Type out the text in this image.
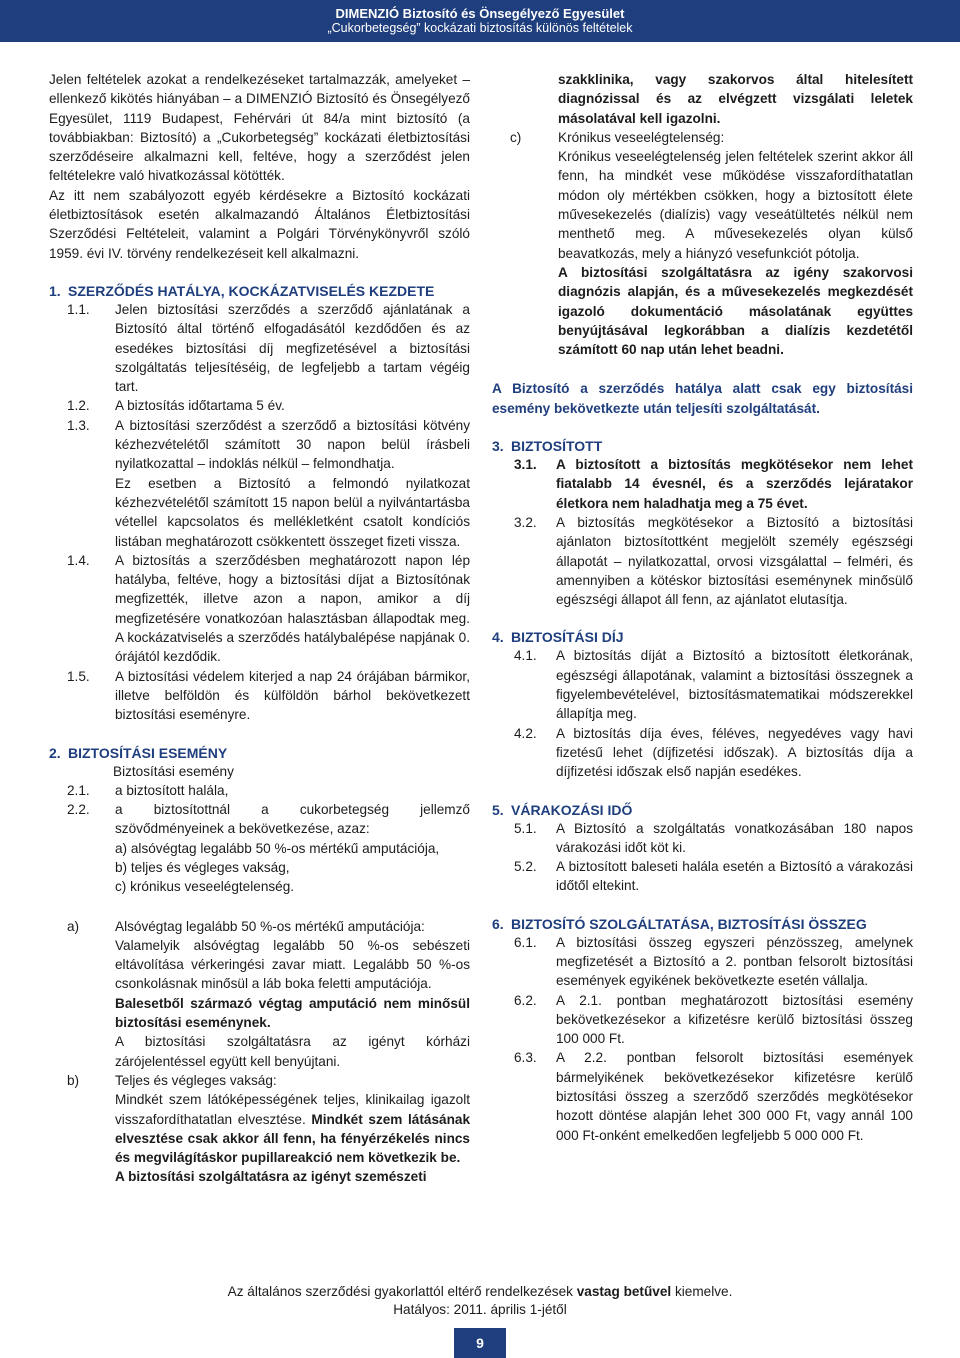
DIMENZIÓ Biztosító és Önsegélyező Egyesület
„Cukorbetegség” kockázati biztosítás különös feltételek

Jelen feltételek azokat a rendelkezéseket tartalmazzák, amelyeket – ellenkező kikötés hiányában – a DIMENZIÓ Biztosító és Önsegélyező Egyesület, 1119 Budapest, Fehérvári út 84/a mint biztosító (a továbbiakban: Biztosító) a „Cukorbetegség” kockázati életbiztosítási szerződéseire alkalmazni kell, feltéve, hogy a szerződést jelen feltételekre való hivatkozással kötötték.

Az itt nem szabályozott egyéb kérdésekre a Biztosító kockázati életbiztosítások esetén alkalmazandó Általános Életbiztosítási Szerződési Feltételeit, valamint a Polgári Törvénykönyvről szóló 1959. évi IV. törvény rendelkezéseit kell alkalmazni.

1. SZERZŐDÉS HATÁLYA, KOCKÁZATVISELÉS KEZDETE

1.1.	Jelen biztosítási szerződés a szerződő ajánlatának a Biztosító által történő elfogadásától kezdődően és az esedékes biztosítási díj megfizetésével a biztosítási szolgáltatás teljesítéséig, de legfeljebb a tartam végéig tart.
1.2.	A biztosítás időtartama 5 év.
1.3.	A biztosítási szerződést a szerződő a biztosítási kötvény kézhezvételétől számított 30 napon belül írásbeli nyilatkozattal – indoklás nélkül – felmondhatja.
Ez esetben a Biztosító a felmondó nyilatkozat kézhezvételétől számított 15 napon belül a nyilvántartásba vétellel kapcsolatos és mellékletként csatolt kondíciós listában meghatározott csökkentett összeget fizeti vissza.
1.4.	A biztosítás a szerződésben meghatározott napon lép hatályba, feltéve, hogy a biztosítási díjat a Biztosítónak megfizették, illetve azon a napon, amikor a díj megfizetésére vonatkozóan halasztásban állapodtak meg. A kockázatviselés a szerződés hatálybalépése napjának 0. órájától kezdődik.
1.5.	A biztosítási védelem kiterjed a nap 24 órájában bármikor, illetve belföldön és külföldön bárhol bekövetkezett biztosítási eseményre.

2. BIZTOSÍTÁSI ESEMÉNY

Biztosítási esemény

2.1.	a biztosított halála,
2.2.	a biztosítottnál a cukorbetegség jellemző szövődményeinek a bekövetkezése, azaz:

a) alsóvégtag legalább 50 %-os mértékű amputációja,

b) teljes és végleges vakság,

c) krónikus veseelégtelenség.

a)	Alsóvégtag legalább 50 %-os mértékű amputációja:
Valamelyik alsóvégtag legalább 50 %-os sebészeti eltávolítása vérkeringési zavar miatt. Legalább 50 %-os csonkolásnak minősül a láb boka feletti amputációja.
Balesetből származó végtag amputáció nem minősül biztosítási eseménynek.
A biztosítási szolgáltatásra az igényt kórházi zárójelentéssel együtt kell benyújtani.
b)	Teljes és végleges vakság:
Mindkét szem látóképességének teljes, klinikailag igazolt visszafordíthatatlan elvesztése. Mindkét szem látásának elvesztése csak akkor áll fenn, ha fényérzékelés nincs és megvilágításkor pupillareakció nem következik be.
A biztosítási szolgáltatásra az igényt szemészeti
szakklinika, vagy szakorvos által hitelesített diagnózissal és az elvégzett vizsgálati leletek másolatával kell igazolni.
c)	Krónikus veseelégtelenség:
Krónikus veseelégtelenség jelen feltételek szerint akkor áll fenn, ha mindkét vese működése visszafordíthatatlan módon oly mértékben csökken, hogy a biztosított élete művesekezelés (dialízis) vagy veseátültetés nélkül nem menthető meg. A művesekezelés olyan külső beavatkozás, mely a hiányzó vesefunkciót pótolja.
A biztosítási szolgáltatásra az igény szakorvosi diagnózis alapján, és a művesekezelés megkezdését igazoló dokumentáció másolatának együttes benyújtásával legkorábban a dialízis kezdetétől számított 60 nap után lehet beadni.

A Biztosító a szerződés hatálya alatt csak egy biztosítási esemény bekövetkezte után teljesíti szolgáltatását.

3. BIZTOSÍTOTT

3.1.	A biztosított a biztosítás megkötésekor nem lehet fiatalabb 14 évesnél, és a szerződés lejáratakor életkora nem haladhatja meg a 75 évet.
3.2.	A biztosítás megkötésekor a Biztosító a biztosítási ajánlaton biztosítottként megjelölt személy egészségi állapotát – nyilatkozattal, orvosi vizsgálattal – felméri, és amennyiben a kötéskor biztosítási eseménynek minősülő egészségi állapot áll fenn, az ajánlatot elutasítja.

4. BIZTOSÍTÁSI DÍJ

4.1.	A biztosítás díját a Biztosító a biztosított életkorának, egészségi állapotának, valamint a biztosítási összegnek a figyelembevételével, biztosításmatematikai módszerekkel állapítja meg.
4.2.	A biztosítás díja éves, féléves, negyedéves vagy havi fizetésű lehet (díjfizetési időszak). A biztosítás díja a díjfizetési időszak első napján esedékes.

5. VÁRAKOZÁSI IDŐ

5.1.	A Biztosító a szolgáltatás vonatkozásában 180 napos várakozási időt köt ki.
5.2.	A biztosított baleseti halála esetén a Biztosító a várakozási időtől eltekint.

6. BIZTOSÍTÓ SZOLGÁLTATÁSA, BIZTOSÍTÁSI ÖSSZEG

6.1.	A biztosítási összeg egyszeri pénzösszeg, amelynek megfizetését a Biztosító a 2. pontban felsorolt biztosítási események egyikének bekövetkezte esetén vállalja.
6.2.	A 2.1. pontban meghatározott biztosítási esemény bekövetkezésekor a kifizetésre kerülő biztosítási összeg 100 000 Ft.
6.3.	A 2.2. pontban felsorolt biztosítási események bármelyikének bekövetkezésekor kifizetésre kerülő biztosítási összeg a szerződő szerződés megkötésekor hozott döntése alapján lehet 300 000 Ft, vagy annál 100 000 Ft-onként emelkedően legfeljebb 5 000 000 Ft.
Az általános szerződési gyakorlattól eltérő rendelkezések vastag betűvel kiemelve.
Hatályos: 2011. április 1-jétől
9
